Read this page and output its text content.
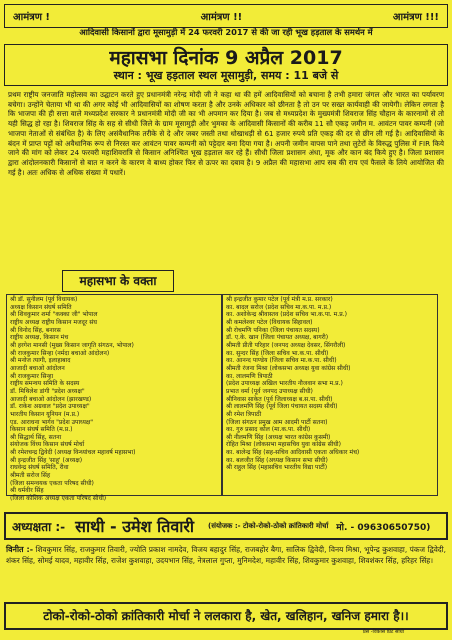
आमंत्रण !	आमंत्रण !!	आमंत्रण !!!
आदिवासी किसानों द्वारा मूसामुड़ी में 24 फरवरी 2017 से की जा रही भूख हड़ताल के समर्थन में
महासभा दिनांक 9 अप्रैल 2017
स्थान : भूख हड़ताल स्थल मूसामुड़ी, समय : 11 बजे से
प्रथम राष्ट्रीय जनजाति महोत्सव का उद्घाटन करते हुए प्रधानमंत्री नरेन्द्र मोदी जी ने कहा था की हमें आदिवासियों को बचाना है तभी हमारा जंगल और भारत का पर्यावरण बचेगा। उन्होंने चेताया भी था की अगर कोई भी आदिवासियों का शोषण करता है और उनके अधिकार को छीनता है तो उन पर सख्त कार्यवाही की जायेगी। लेकिन लगता है कि भाजपा की ही सत्ता वाले मध्यप्रदेश सरकार ने प्रधानमंत्री मोदी जी का भी अपमान कर दिया है। जब से मध्यप्रदेश के मुख्यमंत्री शिवराज सिंह चौहान के कारनामों से तो यही सिद्ध हो रहा है। शिवराज सिंह के सह से सीधी जिले के ग्राम मूसामुड़ी और भुमका के आदिवासी किसानों की करीब 11 सौ एकड़ जमीन म. आवंटन पावर कम्पनी (जो भाजपा नेताओं से संबंधित है) के लिए असंवैधानिक तरीके से दे और जबर जस्ती तथा धोखाधड़ी से 61 हजार रुपये प्रति एकड़ की दर से छीन ली गई है। आदिवासियों के बंदन में प्राप्त पट्टों को अवैधानिक रूप से निरस्त कर आवंटन पावर कम्पनी को पट्टेदार बना दिया गया है। अपनी जमीन वापस पाने तथा लुटेरों के विरुद्ध पुलिस में FIR किये जाने की मांग को लेकर 24 फरवरी महाशिवरात्रि से किसान अनिश्चित भूख हड़ताल कर रहे हैं। सीधी जिला प्रशासन अंधा, मूक और कान बंद किये हुए है। जिला प्रशासन द्वारा आंदोलनकारी किसानों से बात न करने के कारण वे बाध्य होकर फिर से ऊपर का दबाव है। 9 अप्रैल की महासभा आप सब की राय एवं फैसले के लिये आयोजित की गई है। अतः अधिक से अधिक संख्या में पधारें।
महासभा के वक्ता
श्री डॉ. सुनीलम (पूर्व विधायक)
अध्यक्ष किसान संघर्ष समिति
श्री शिवकुमार शर्मा "कक्का जी" भोपाल
राष्ट्रीय अध्यक्ष राष्ट्रीय किसान मजदूर संघ
श्री विनोद सिंह, बनारस
राष्ट्रीय अध्यक्ष, किसान मंच
श्री हरगेश मानसी (मुख्य किसान जागृति संगठन, भोपाल)
श्री राजकुमार सिन्हा (नर्मदा बचाओ आंदोलन)
श्री मनोज त्यागी, इलाहाबाद
आजादी बचाओ आंदोलन
श्री राजकुमार सिन्हा
राष्ट्रीय समन्वय समिति के सदस्य
डॉ. मिथिलेश डांगी "प्रदेश अध्यक्ष"
आजादी बचाओ आंदोलन (झारखण्ड)
डॉ. राकेश अग्रवाल "प्रदेश उपाध्यक्ष"
भारतीय किसान यूनियन (म.प्र.)
एड. आराधना भार्गव "प्रदेश उपाध्यक्ष"
किसान संघर्ष समिति (म.प्र.)
श्री सिद्धार्थ सिंह, सतना
संयोजक विंध्य किसान संघर्ष मोर्चा
श्री रमेशचन्द्र द्विवेदी (अध्यक्ष विन्ध्यांचल महावर्ष महासभा)
श्री इन्द्रजीत सिंह 'साहू' (अध्यक्ष)
राघवेन्द्र संघर्ष समिति, रीवा
श्रीमती सरोज सिंह
(जिला समन्वयक एकता परिषद सीधी)
श्री धर्मवीर सिंह
(जिला कोशिक अध्यक्ष एकता परिषद सीधी)
श्री इन्द्रजीत कुमार पटेल (पूर्व मंत्री म.प्र. सरकार)
का. बादल सरोज (प्रदेश सचिव मा.क.पा. म.प्र.)
का. अशोकेन्द्र श्रीवास्तव (प्रदेश सचिव भा.क.पा. म.प्र.)
श्री कमलेश्वर पटेल (विधायक सिहावल)
श्री रोचमणि पनिका (जिला पंचायत सदस्य)
डॉ. ए.के. खान (जिला पंचायत अध्यक्ष, बागरी)
श्रीमती प्रीती परिहार (जनपद अध्यक्ष देवसर, सिंगरौली)
का. सुन्दर सिंह (जिला सचिव भा.क.पा. सीधी)
का. आनन्द पाण्डेय (जिला सचिव मा.क.पा. सीधी)
श्रीमती रंजना मिश्रा (लोकसभा अध्यक्ष युवा कांग्रेस सीधी)
का. लालमणि त्रिपाठी
(प्रदेश उपाध्यक्ष अखिल भारतीय नौजवान सभा म.प्र.)
प्रभात वर्मा (पूर्व जनपद उपाध्यक्ष सीधी)
श्रीनिवास साकेत (पूर्व जिलाध्यक्ष ब.स.पा. सीधी)
श्री लालमणि सिंह (पूर्व जिला पंचायत सदस्य सीधी)
श्री रमेश त्रिपाठी
(जिला संगठन प्रमुख आम आदमी पार्टी सतना)
का. गुरु प्रसाद कोल (मा.क.पा. सीधी)
श्री नीलमणि सिंह (अध्यक्ष भारत कांग्रेस कुसमी)
रोहित मिश्रा (लोकसभा महासचिव युवा कांग्रेस सीधी)
का. बालेन्द्र सिंह (सह-सचिव आदिवासी एकता अधिकार मंच)
का. बलजीत सिंह (अध्यक्ष किसान सभा सीधी)
श्री राहुल सिंह (महासचिव भारतीय विद्या पार्टी)
अध्यक्षता :- साथी - उमेश तिवारी (संयोजक :- टोको-रोको-ठोको क्रांतिकारी मोर्चा मो. - 09630650750)
विनीत :- शिवकुमार सिंह, राजकुमार तिवारी, ज्योति प्रकाश नामदेव, विजय बहादुर सिंह, राजबहोर बैगा, सालिक द्विवेदी, विनय मिश्रा, भूपेन्द्र कुशवाहा, पंकज द्विवेदी, शंकर सिंह, सोमई यादव, महावीर सिंह, राजेश कुशवाहा, उदयभान सिंह, नेत्रलाल गुप्ता, मुनिमदेश, महावीर सिंह, शिवकुमार कुशवाहा, शिवशंकर सिंह, हरिहर सिंह।
टोको-रोको-ठोको क्रांतिकारी मोर्चा ने ललकारा है, खेत, खलिहान, खनिज हमारा है।।
प्रेस -विकास प्रिंट सीधी
